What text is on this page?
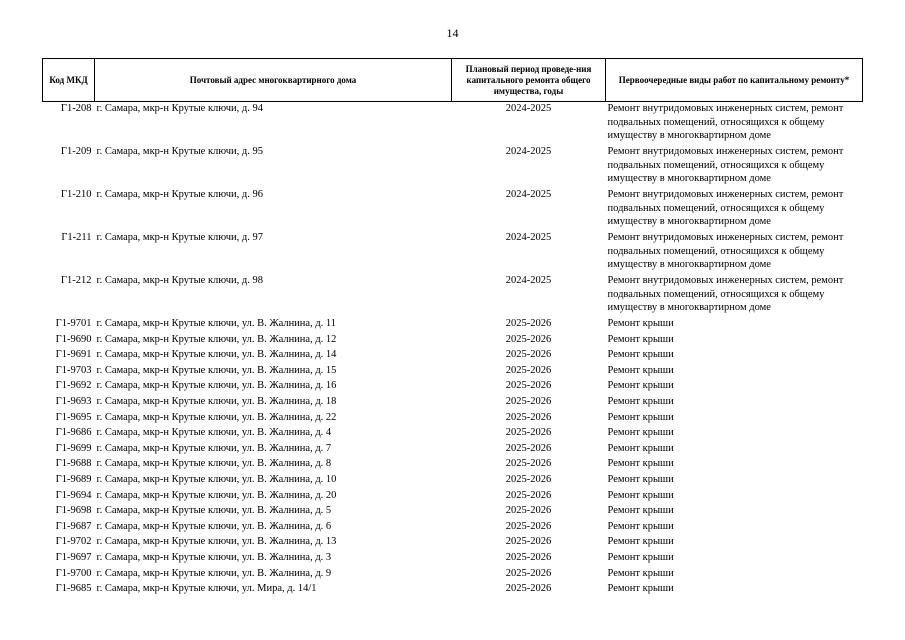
14
Код МКД	Почтовый адрес многоквартирного дома	Плановый период проведе-ния капитального ремонта общего имущества, годы	Первоочередные виды работ по капитальному ремонту*
Г1-208	г. Самара, мкр-н Крутые ключи, д. 94	2024-2025	Ремонт внутридомовых инженерных систем, ремонт подвальных помещений, относящихся к общему имуществу в многоквартирном доме
Г1-209	г. Самара, мкр-н Крутые ключи, д. 95	2024-2025	Ремонт внутридомовых инженерных систем, ремонт подвальных помещений, относящихся к общему имуществу в многоквартирном доме
Г1-210	г. Самара, мкр-н Крутые ключи, д. 96	2024-2025	Ремонт внутридомовых инженерных систем, ремонт подвальных помещений, относящихся к общему имуществу в многоквартирном доме
Г1-211	г. Самара, мкр-н Крутые ключи, д. 97	2024-2025	Ремонт внутридомовых инженерных систем, ремонт подвальных помещений, относящихся к общему имуществу в многоквартирном доме
Г1-212	г. Самара, мкр-н Крутые ключи, д. 98	2024-2025	Ремонт внутридомовых инженерных систем, ремонт подвальных помещений, относящихся к общему имуществу в многоквартирном доме
Г1-9701	г. Самара, мкр-н Крутые ключи, ул. В. Жалнина, д. 11	2025-2026	Ремонт крыши
Г1-9690	г. Самара, мкр-н Крутые ключи, ул. В. Жалнина, д. 12	2025-2026	Ремонт крыши
Г1-9691	г. Самара, мкр-н Крутые ключи, ул. В. Жалнина, д. 14	2025-2026	Ремонт крыши
Г1-9703	г. Самара, мкр-н Крутые ключи, ул. В. Жалнина, д. 15	2025-2026	Ремонт крыши
Г1-9692	г. Самара, мкр-н Крутые ключи, ул. В. Жалнина, д. 16	2025-2026	Ремонт крыши
Г1-9693	г. Самара, мкр-н Крутые ключи, ул. В. Жалнина, д. 18	2025-2026	Ремонт крыши
Г1-9695	г. Самара, мкр-н Крутые ключи, ул. В. Жалнина, д. 22	2025-2026	Ремонт крыши
Г1-9686	г. Самара, мкр-н Крутые ключи, ул. В. Жалнина, д. 4	2025-2026	Ремонт крыши
Г1-9699	г. Самара, мкр-н Крутые ключи, ул. В. Жалнина, д. 7	2025-2026	Ремонт крыши
Г1-9688	г. Самара, мкр-н Крутые ключи, ул. В. Жалнина, д. 8	2025-2026	Ремонт крыши
Г1-9689	г. Самара, мкр-н Крутые ключи, ул. В. Жалнина, д. 10	2025-2026	Ремонт крыши
Г1-9694	г. Самара, мкр-н Крутые ключи, ул. В. Жалнина, д. 20	2025-2026	Ремонт крыши
Г1-9698	г. Самара, мкр-н Крутые ключи, ул. В. Жалнина, д. 5	2025-2026	Ремонт крыши
Г1-9687	г. Самара, мкр-н Крутые ключи, ул. В. Жалнина, д. 6	2025-2026	Ремонт крыши
Г1-9702	г. Самара, мкр-н Крутые ключи, ул. В. Жалнина, д. 13	2025-2026	Ремонт крыши
Г1-9697	г. Самара, мкр-н Крутые ключи, ул. В. Жалнина, д. 3	2025-2026	Ремонт крыши
Г1-9700	г. Самара, мкр-н Крутые ключи, ул. В. Жалнина, д. 9	2025-2026	Ремонт крыши
Г1-9685	г. Самара, мкр-н Крутые ключи, ул. Мира, д. 14/1	2025-2026	Ремонт крыши
